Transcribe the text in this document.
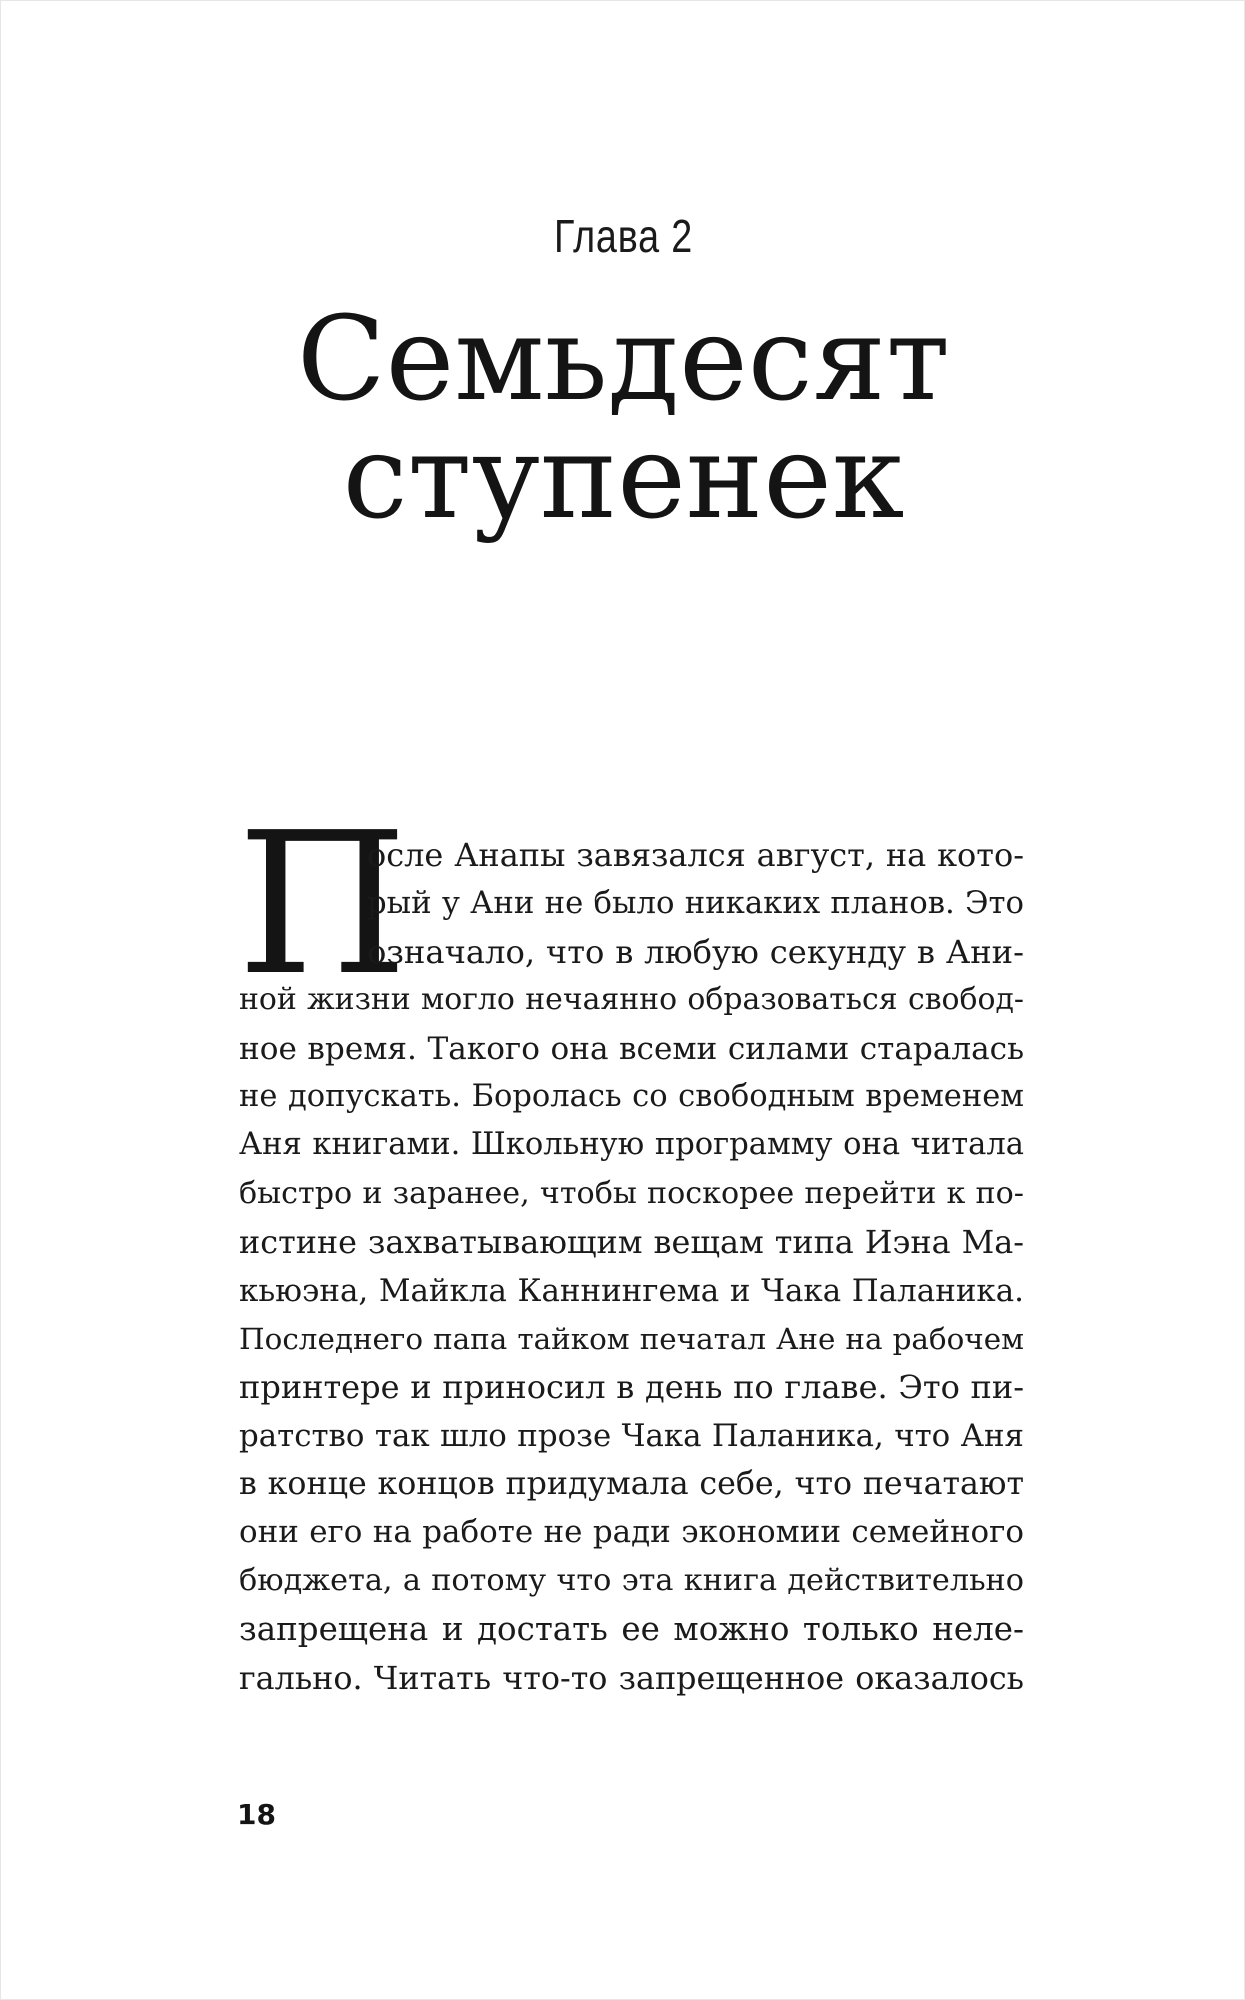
Глава 2
Семьдесят
ступенек
П
осле Анапы завязался август, на кото-
рый у Ани не было никаких планов. Это
означало, что в любую секунду в Ани-
ной жизни могло нечаянно образоваться свобод-
ное время. Такого она всеми силами старалась
не допускать. Боролась со свободным временем
Аня книгами. Школьную программу она читала
быстро и заранее, чтобы поскорее перейти к по-
истине захватывающим вещам типа Иэна Ма-
кьюэна, Майкла Каннингема и Чака Паланика.
Последнего папа тайком печатал Ане на рабочем
принтере и приносил в день по главе. Это пи-
ратство так шло прозе Чака Паланика, что Аня
в конце концов придумала себе, что печатают
они его на работе не ради экономии семейного
бюджета, а потому что эта книга действительно
запрещена и достать ее можно только неле-
гально. Читать что-то запрещенное оказалось
18
